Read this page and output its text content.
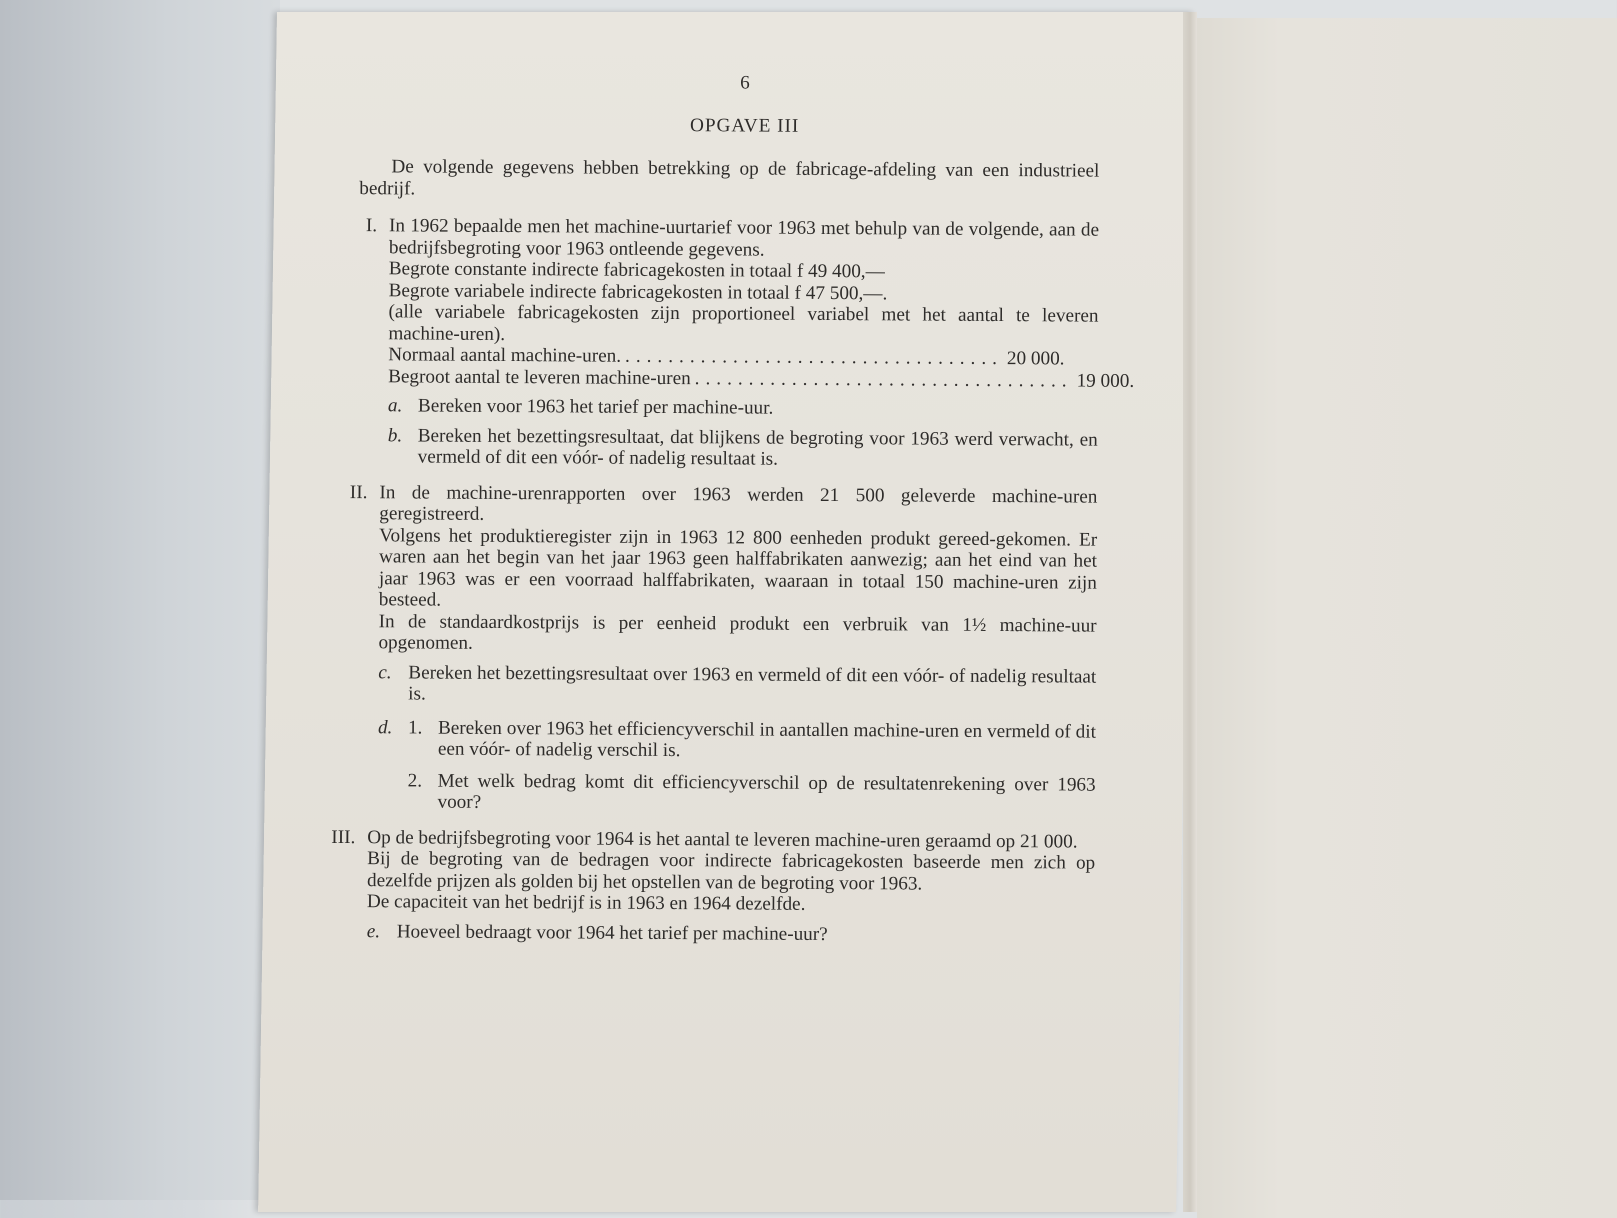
6
OPGAVE III
De volgende gegevens hebben betrekking op de fabricage-afdeling van een industrieel bedrijf.
I. In 1962 bepaalde men het machine-uurtarief voor 1963 met behulp van de volgende, aan de bedrijfsbegroting voor 1963 ontleende gegevens.
Begrote constante indirecte fabricagekosten in totaal f 49 400,—
Begrote variabele indirecte fabricagekosten in totaal f 47 500,—.
(alle variabele fabricagekosten zijn proportioneel variabel met het aantal te leveren machine-uren).
Normaal aantal machine-uren. ................................... 20 000.
Begroot aantal te leveren machine-uren ................................... 19 000.
a. Bereken voor 1963 het tarief per machine-uur.
b. Bereken het bezettingsresultaat, dat blijkens de begroting voor 1963 werd verwacht, en vermeld of dit een vóór- of nadelig resultaat is.
II. In de machine-urenrapporten over 1963 werden 21 500 geleverde machine-uren geregistreerd.
Volgens het produktieregister zijn in 1963 12 800 eenheden produkt gereed-gekomen. Er waren aan het begin van het jaar 1963 geen halffabrikaten aanwezig; aan het eind van het jaar 1963 was er een voorraad halffabrikaten, waaraan in totaal 150 machine-uren zijn besteed.
In de standaardkostprijs is per eenheid produkt een verbruik van 1½ machine-uur opgenomen.
c. Bereken het bezettingsresultaat over 1963 en vermeld of dit een vóór- of nadelig resultaat is.
d. 1. Bereken over 1963 het efficiencyverschil in aantallen machine-uren en vermeld of dit een vóór- of nadelig verschil is.
2. Met welk bedrag komt dit efficiencyverschil op de resultatenrekening over 1963 voor?
III. Op de bedrijfsbegroting voor 1964 is het aantal te leveren machine-uren geraamd op 21 000.
Bij de begroting van de bedragen voor indirecte fabricagekosten baseerde men zich op dezelfde prijzen als golden bij het opstellen van de begroting voor 1963.
De capaciteit van het bedrijf is in 1963 en 1964 dezelfde.
e. Hoeveel bedraagt voor 1964 het tarief per machine-uur?
